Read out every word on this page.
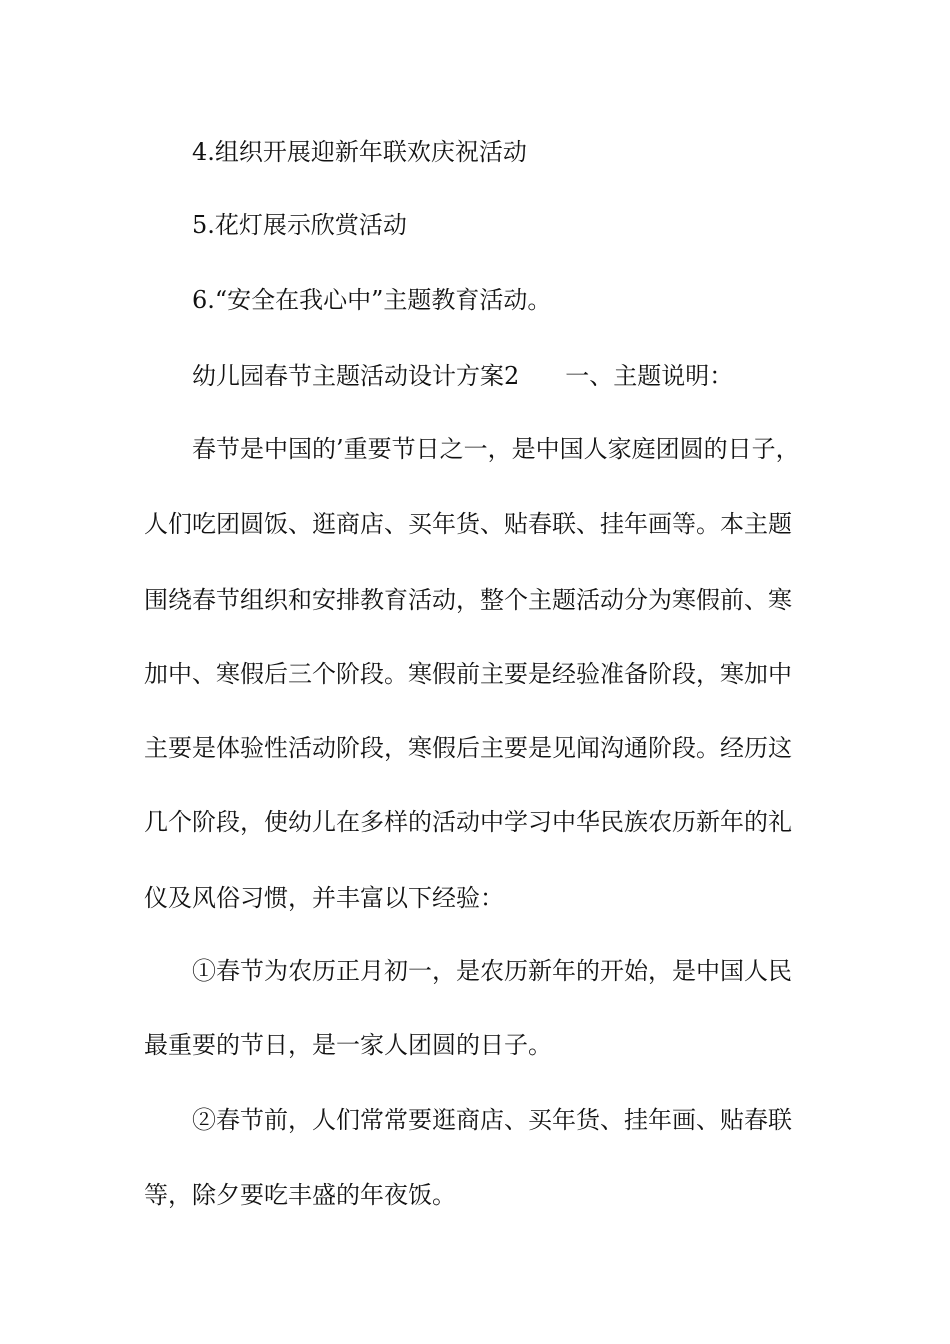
4.组织开展迎新年联欢庆祝活动
5.花灯展示欣赏活动
6.“安全在我心中”主题教育活动。
幼儿园春节主题活动设计方案2 一、主题说明：
春节是中国的’重要节日之一，是中国人家庭团圆的日子，
人们吃团圆饭、逛商店、买年货、贴春联、挂年画等。本主题
围绕春节组织和安排教育活动，整个主题活动分为寒假前、寒
加中、寒假后三个阶段。寒假前主要是经验准备阶段，寒加中
主要是体验性活动阶段，寒假后主要是见闻沟通阶段。经历这
几个阶段，使幼儿在多样的活动中学习中华民族农历新年的礼
仪及风俗习惯，并丰富以下经验：
①春节为农历正月初一，是农历新年的开始，是中国人民
最重要的节日，是一家人团圆的日子。
②春节前，人们常常要逛商店、买年货、挂年画、贴春联
等，除夕要吃丰盛的年夜饭。
